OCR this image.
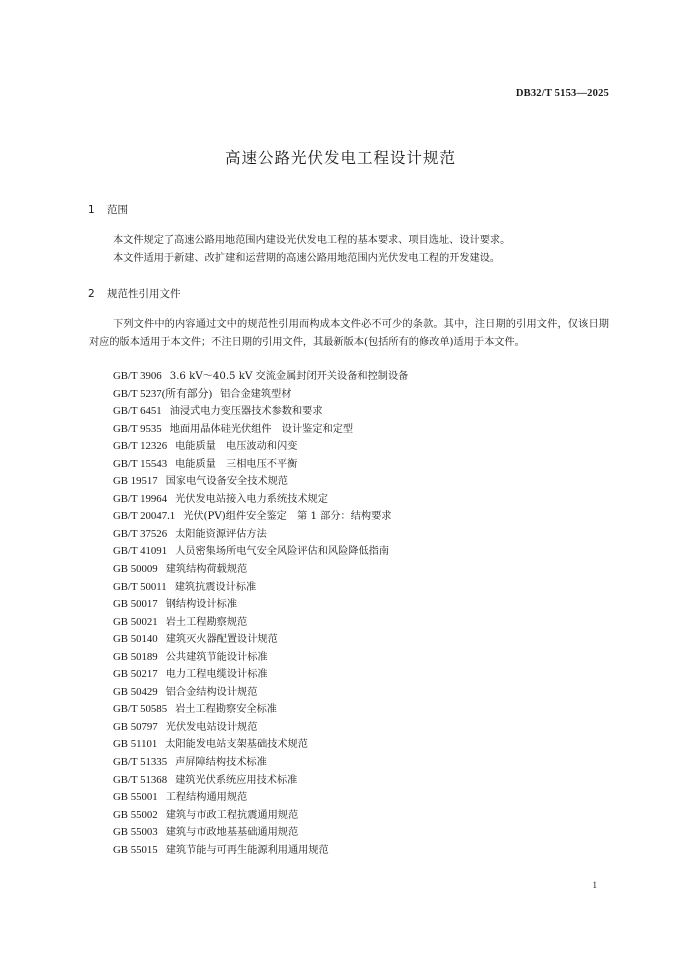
DB32/T 5153—2025
高速公路光伏发电工程设计规范
1 范围

本文件规定了高速公路用地范围内建设光伏发电工程的基本要求、项目选址、设计要求。

本文件适用于新建、改扩建和运营期的高速公路用地范围内光伏发电工程的开发建设。

2 规范性引用文件

下列文件中的内容通过文中的规范性引用而构成本文件必不可少的条款。其中，注日期的引用文件，仅该日期对应的版本适用于本文件；不注日期的引用文件，其最新版本(包括所有的修改单)适用于本文件。

GB/T 3906 3.6 kV～40.5 kV 交流金属封闭开关设备和控制设备
GB/T 5237(所有部分) 铝合金建筑型材
GB/T 6451 油浸式电力变压器技术参数和要求
GB/T 9535 地面用晶体硅光伏组件　设计鉴定和定型
GB/T 12326 电能质量　电压波动和闪变
GB/T 15543 电能质量　三相电压不平衡
GB 19517 国家电气设备安全技术规范
GB/T 19964 光伏发电站接入电力系统技术规定
GB/T 20047.1 光伏(PV)组件安全鉴定　第 1 部分：结构要求
GB/T 37526 太阳能资源评估方法
GB/T 41091 人员密集场所电气安全风险评估和风险降低指南
GB 50009 建筑结构荷载规范
GB/T 50011 建筑抗震设计标准
GB 50017 钢结构设计标准
GB 50021 岩土工程勘察规范
GB 50140 建筑灭火器配置设计规范
GB 50189 公共建筑节能设计标准
GB 50217 电力工程电缆设计标准
GB 50429 铝合金结构设计规范
GB/T 50585 岩土工程勘察安全标准
GB 50797 光伏发电站设计规范
GB 51101 太阳能发电站支架基础技术规范
GB/T 51335 声屏障结构技术标准
GB/T 51368 建筑光伏系统应用技术标准
GB 55001 工程结构通用规范
GB 55002 建筑与市政工程抗震通用规范
GB 55003 建筑与市政地基基础通用规范
GB 55015 建筑节能与可再生能源利用通用规范
1
